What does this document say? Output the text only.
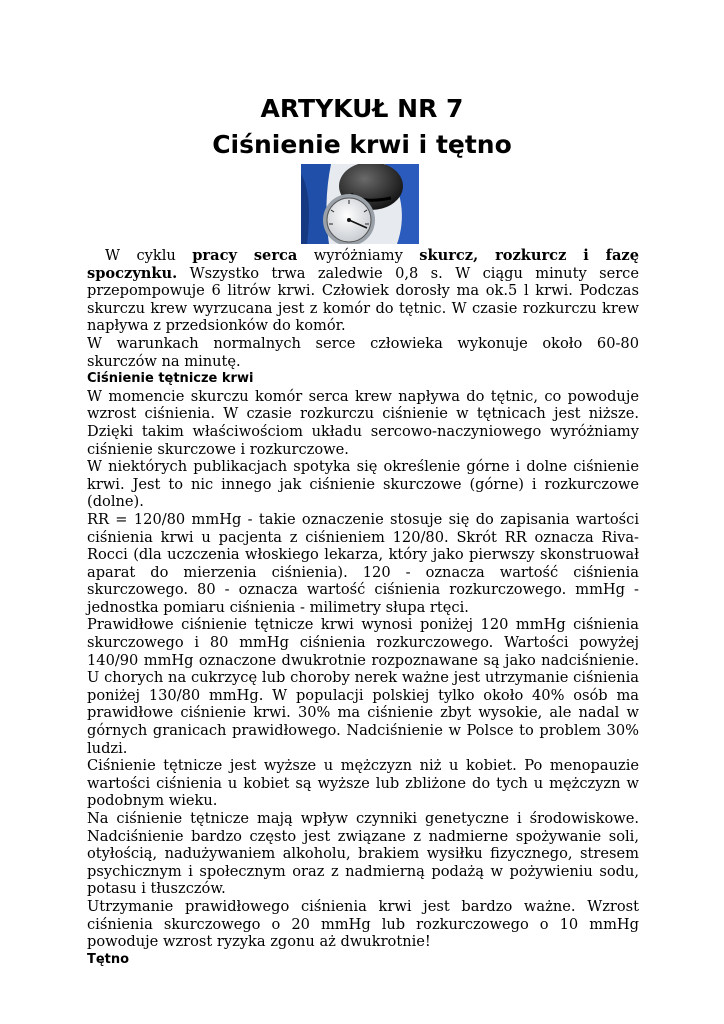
ARTYKUŁ NR 7
Ciśnienie krwi i tętno

W cyklu pracy serca wyróżniamy skurcz, rozkurcz i fazę spoczynku. Wszystko trwa zaledwie 0,8 s. W ciągu minuty serce przepompowuje 6 litrów krwi. Człowiek dorosły ma ok.5 l krwi. Podczas skurczu krew wyrzucana jest z komór do tętnic. W czasie rozkurczu krew napływa z przedsionków do komór.

W warunkach normalnych serce człowieka wykonuje około 60-80 skurczów na minutę.

Ciśnienie tętnicze krwi

W momencie skurczu komór serca krew napływa do tętnic, co powoduje wzrost ciśnienia. W czasie rozkurczu ciśnienie w tętnicach jest niższe. Dzięki takim właściwościom układu sercowo-naczyniowego wyróżniamy ciśnienie skurczowe i rozkurczowe.

W niektórych publikacjach spotyka się określenie górne i dolne ciśnienie krwi. Jest to nic innego jak ciśnienie skurczowe (górne) i rozkurczowe (dolne).

RR = 120/80 mmHg - takie oznaczenie stosuje się do zapisania wartości ciśnienia krwi u pacjenta z ciśnieniem 120/80. Skrót RR oznacza Riva-Rocci (dla uczczenia włoskiego lekarza, który jako pierwszy skonstruował aparat do mierzenia ciśnienia). 120 - oznacza wartość ciśnienia skurczowego. 80 - oznacza wartość ciśnienia rozkurczowego. mmHg - jednostka pomiaru ciśnienia - milimetry słupa rtęci.

Prawidłowe ciśnienie tętnicze krwi wynosi poniżej 120 mmHg ciśnienia skurczowego i 80 mmHg ciśnienia rozkurczowego. Wartości powyżej 140/90 mmHg oznaczone dwukrotnie rozpoznawane są jako nadciśnienie. U chorych na cukrzycę lub choroby nerek ważne jest utrzymanie ciśnienia poniżej 130/80 mmHg. W populacji polskiej tylko około 40% osób ma prawidłowe ciśnienie krwi. 30% ma ciśnienie zbyt wysokie, ale nadal w górnych granicach prawidłowego. Nadciśnienie w Polsce to problem 30% ludzi.

Ciśnienie tętnicze jest wyższe u mężczyzn niż u kobiet. Po menopauzie wartości ciśnienia u kobiet są wyższe lub zbliżone do tych u mężczyzn w podobnym wieku.

Na ciśnienie tętnicze mają wpływ czynniki genetyczne i środowiskowe. Nadciśnienie bardzo często jest związane z nadmierne spożywanie soli, otyłością, nadużywaniem alkoholu, brakiem wysiłku fizycznego, stresem psychicznym i społecznym oraz z nadmierną podażą w pożywieniu sodu, potasu i tłuszczów.

Utrzymanie prawidłowego ciśnienia krwi jest bardzo ważne. Wzrost ciśnienia skurczowego o 20 mmHg lub rozkurczowego o 10 mmHg powoduje wzrost ryzyka zgonu aż dwukrotnie!

Tętno
